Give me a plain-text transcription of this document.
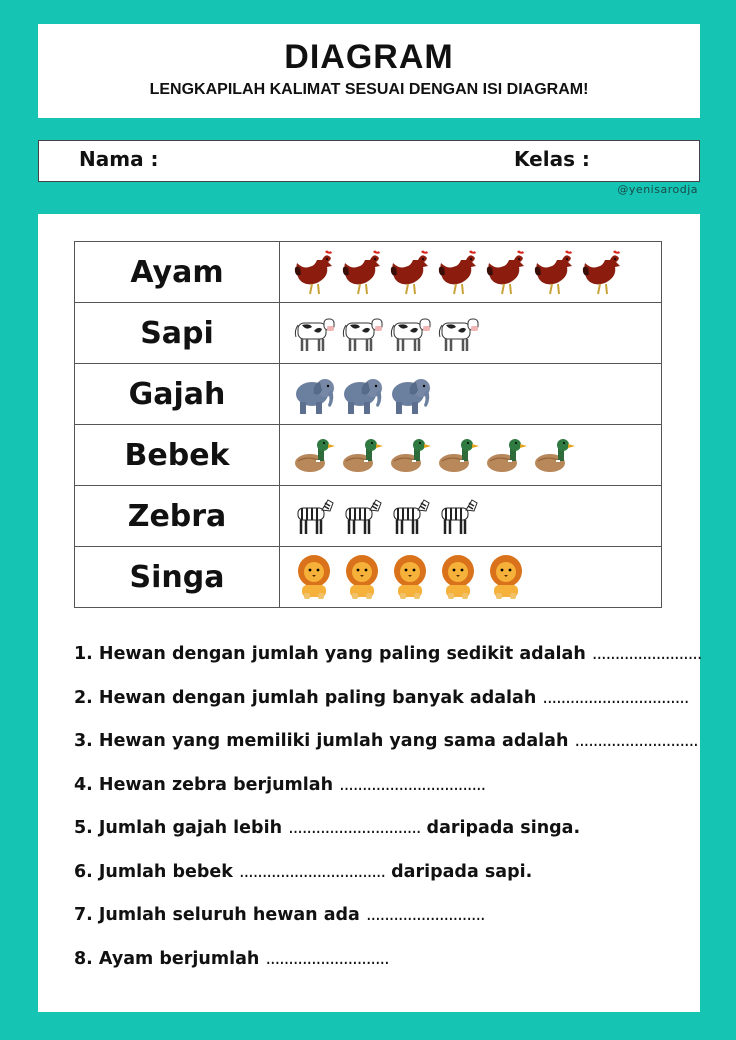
DIAGRAM
LENGKAPILAH KALIMAT SESUAI DENGAN ISI DIAGRAM!
Nama :	Kelas :
@yenisarodja
Ayam	

Sapi	

Gajah	

Bebek	

Zebra	

Singa	
1. Hewan dengan jumlah yang paling sedikit adalah ........................
2. Hewan dengan jumlah paling banyak adalah ................................
3. Hewan yang memiliki jumlah yang sama adalah ...........................
4. Hewan zebra berjumlah ................................
5. Jumlah gajah lebih ............................. daripada singa.
6. Jumlah bebek ................................ daripada sapi.
7. Jumlah seluruh hewan ada ..........................
8. Ayam berjumlah ...........................
